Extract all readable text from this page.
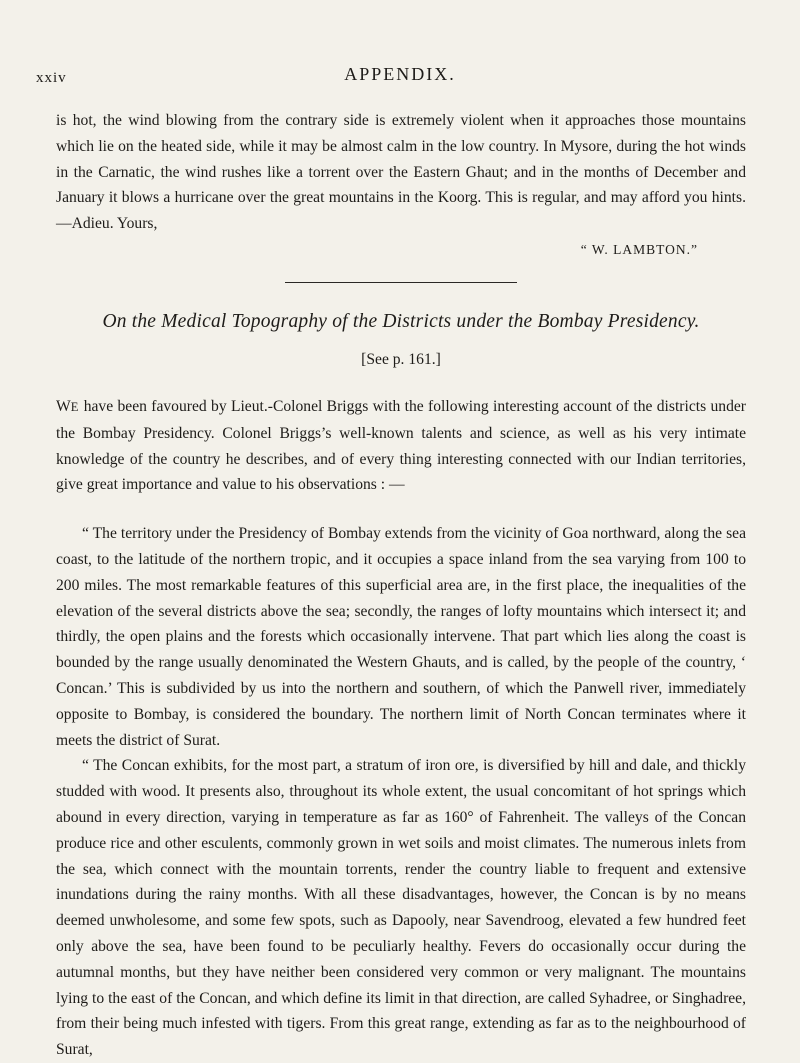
xxiv	APPENDIX.

is hot, the wind blowing from the contrary side is extremely violent when it approaches those mountains which lie on the heated side, while it may be almost calm in the low country. In Mysore, during the hot winds in the Carnatic, the wind rushes like a torrent over the Eastern Ghaut; and in the months of December and January it blows a hurricane over the great mountains in the Koorg. This is regular, and may afford you hints.—Adieu. Yours,

“ W. LAMBTON.”

On the Medical Topography of the Districts under the Bombay Presidency.
[See p. 161.]

WE have been favoured by Lieut.-Colonel Briggs with the following interesting account of the districts under the Bombay Presidency. Colonel Briggs’s well-known talents and science, as well as his very intimate knowledge of the country he describes, and of every thing interesting connected with our Indian territories, give great importance and value to his observations : —

“ The territory under the Presidency of Bombay extends from the vicinity of Goa northward, along the sea coast, to the latitude of the northern tropic, and it occupies a space inland from the sea varying from 100 to 200 miles. The most remarkable features of this superficial area are, in the first place, the inequalities of the elevation of the several districts above the sea; secondly, the ranges of lofty mountains which intersect it; and thirdly, the open plains and the forests which occasionally intervene. That part which lies along the coast is bounded by the range usually denominated the Western Ghauts, and is called, by the people of the country, ‘ Concan.’ This is subdivided by us into the northern and southern, of which the Panwell river, immediately opposite to Bombay, is considered the boundary. The northern limit of North Concan terminates where it meets the district of Surat.

“ The Concan exhibits, for the most part, a stratum of iron ore, is diversified by hill and dale, and thickly studded with wood. It presents also, throughout its whole extent, the usual concomitant of hot springs which abound in every direction, varying in temperature as far as 160° of Fahrenheit. The valleys of the Concan produce rice and other esculents, commonly grown in wet soils and moist climates. The numerous inlets from the sea, which connect with the mountain torrents, render the country liable to frequent and extensive inundations during the rainy months. With all these disadvantages, however, the Concan is by no means deemed unwholesome, and some few spots, such as Dapooly, near Savendroog, elevated a few hundred feet only above the sea, have been found to be peculiarly healthy. Fevers do occasionally occur during the autumnal months, but they have neither been considered very common or very malignant. The mountains lying to the east of the Concan, and which define its limit in that direction, are called Syhadree, or Singhadree, from their being much infested with tigers. From this great range, extending as far as to the neighbourhood of Surat,
